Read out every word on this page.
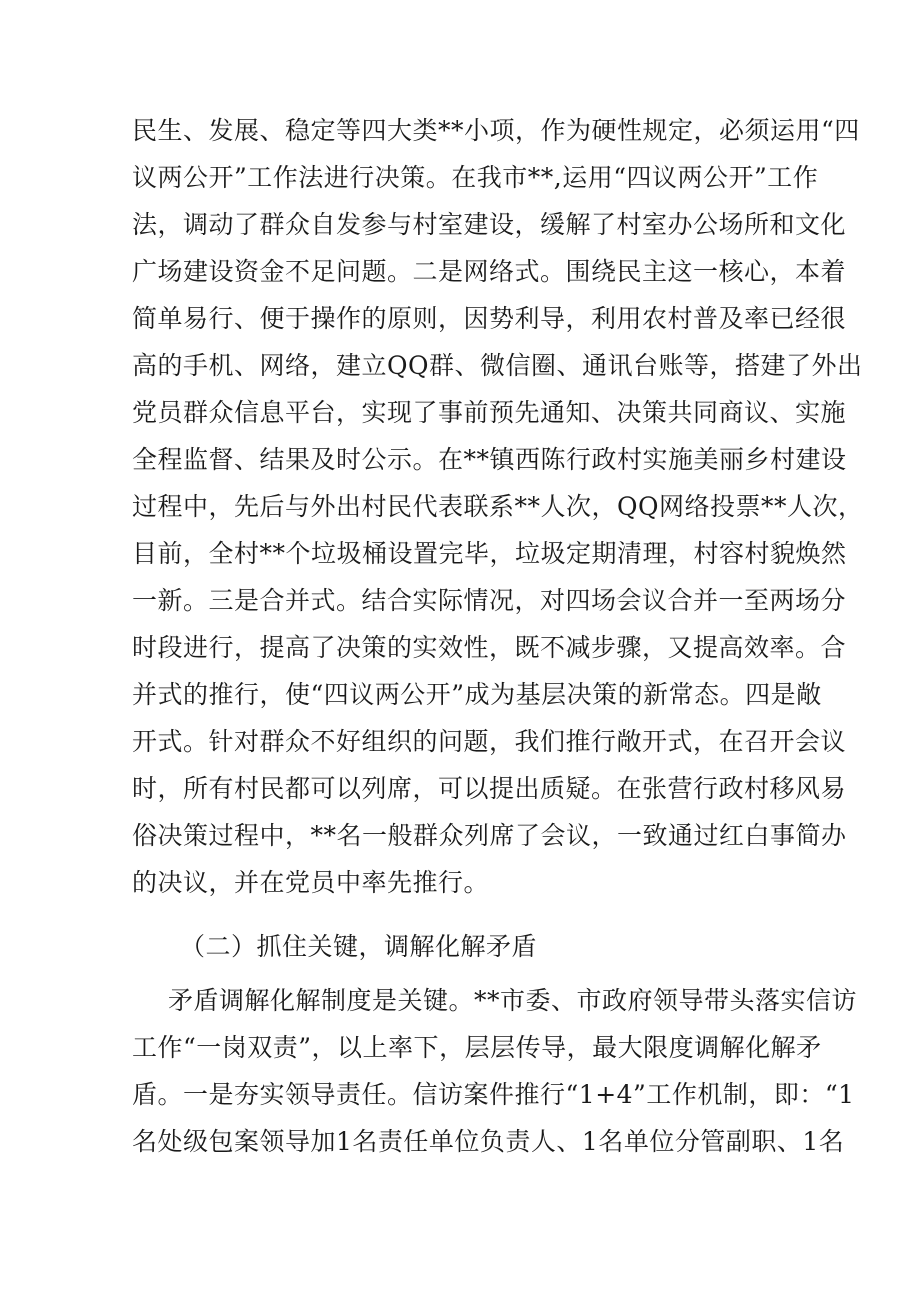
民生、发展、稳定等四大类**小项，作为硬性规定，必须运用“四
议两公开”工作法进行决策。在我市**,运用“四议两公开”工作
法，调动了群众自发参与村室建设，缓解了村室办公场所和文化
广场建设资金不足问题。二是网络式。围绕民主这一核心，本着
简单易行、便于操作的原则，因势利导，利用农村普及率已经很
高的手机、网络，建立QQ群、微信圈、通讯台账等，搭建了外出
党员群众信息平台，实现了事前预先通知、决策共同商议、实施
全程监督、结果及时公示。在**镇西陈行政村实施美丽乡村建设
过程中，先后与外出村民代表联系**人次，QQ网络投票**人次，
目前，全村**个垃圾桶设置完毕，垃圾定期清理，村容村貌焕然
一新。三是合并式。结合实际情况，对四场会议合并一至两场分
时段进行，提高了决策的实效性，既不减步骤，又提高效率。合
并式的推行，使“四议两公开”成为基层决策的新常态。四是敞
开式。针对群众不好组织的问题，我们推行敞开式，在召开会议
时，所有村民都可以列席，可以提出质疑。在张营行政村移风易
俗决策过程中，**名一般群众列席了会议，一致通过红白事简办
的决议，并在党员中率先推行。
（二）抓住关键，调解化解矛盾
矛盾调解化解制度是关键。**市委、市政府领导带头落实信访
工作“一岗双责”，以上率下，层层传导，最大限度调解化解矛
盾。一是夯实领导责任。信访案件推行“1+4”工作机制，即：“1
名处级包案领导加1名责任单位负责人、1名单位分管副职、1名
